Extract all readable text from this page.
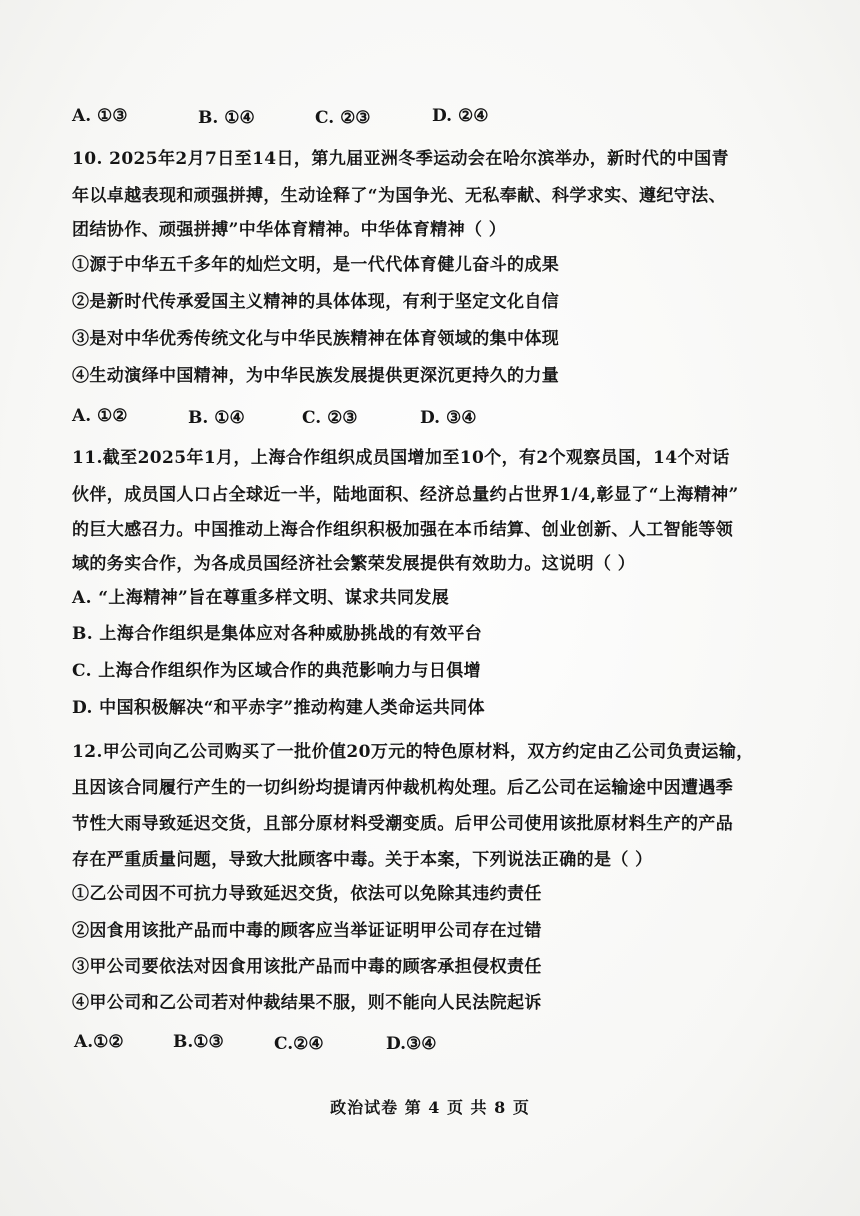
A. ①③	B. ①④	C. ②③	D. ②④
10. 2025年2月7日至14日，第九届亚洲冬季运动会在哈尔滨举办，新时代的中国青
年以卓越表现和顽强拼搏，生动诠释了“为国争光、无私奉献、科学求实、遵纪守法、
团结协作、顽强拼搏”中华体育精神。中华体育精神（ ）
①源于中华五千多年的灿烂文明，是一代代体育健儿奋斗的成果
②是新时代传承爱国主义精神的具体体现，有利于坚定文化自信
③是对中华优秀传统文化与中华民族精神在体育领域的集中体现
④生动演绎中国精神，为中华民族发展提供更深沉更持久的力量
A. ①②	B. ①④	C. ②③	D. ③④
11.截至2025年1月，上海合作组织成员国增加至10个，有2个观察员国，14个对话
伙伴，成员国人口占全球近一半，陆地面积、经济总量约占世界1/4,彰显了“上海精神”
的巨大感召力。中国推动上海合作组织积极加强在本币结算、创业创新、人工智能等领
域的务实合作，为各成员国经济社会繁荣发展提供有效助力。这说明（ ）
A. “上海精神”旨在尊重多样文明、谋求共同发展
B. 上海合作组织是集体应对各种威胁挑战的有效平台
C. 上海合作组织作为区域合作的典范影响力与日俱增
D. 中国积极解决“和平赤字”推动构建人类命运共同体
12.甲公司向乙公司购买了一批价值20万元的特色原材料，双方约定由乙公司负责运输，
且因该合同履行产生的一切纠纷均提请丙仲裁机构处理。后乙公司在运输途中因遭遇季
节性大雨导致延迟交货，且部分原材料受潮变质。后甲公司使用该批原材料生产的产品
存在严重质量问题，导致大批顾客中毒。关于本案，下列说法正确的是（ ）
①乙公司因不可抗力导致延迟交货，依法可以免除其违约责任
②因食用该批产品而中毒的顾客应当举证证明甲公司存在过错
③甲公司要依法对因食用该批产品而中毒的顾客承担侵权责任
④甲公司和乙公司若对仲裁结果不服，则不能向人民法院起诉
A.①②	B.①③	C.②④	D.③④
政治试卷 第 4 页 共 8 页
